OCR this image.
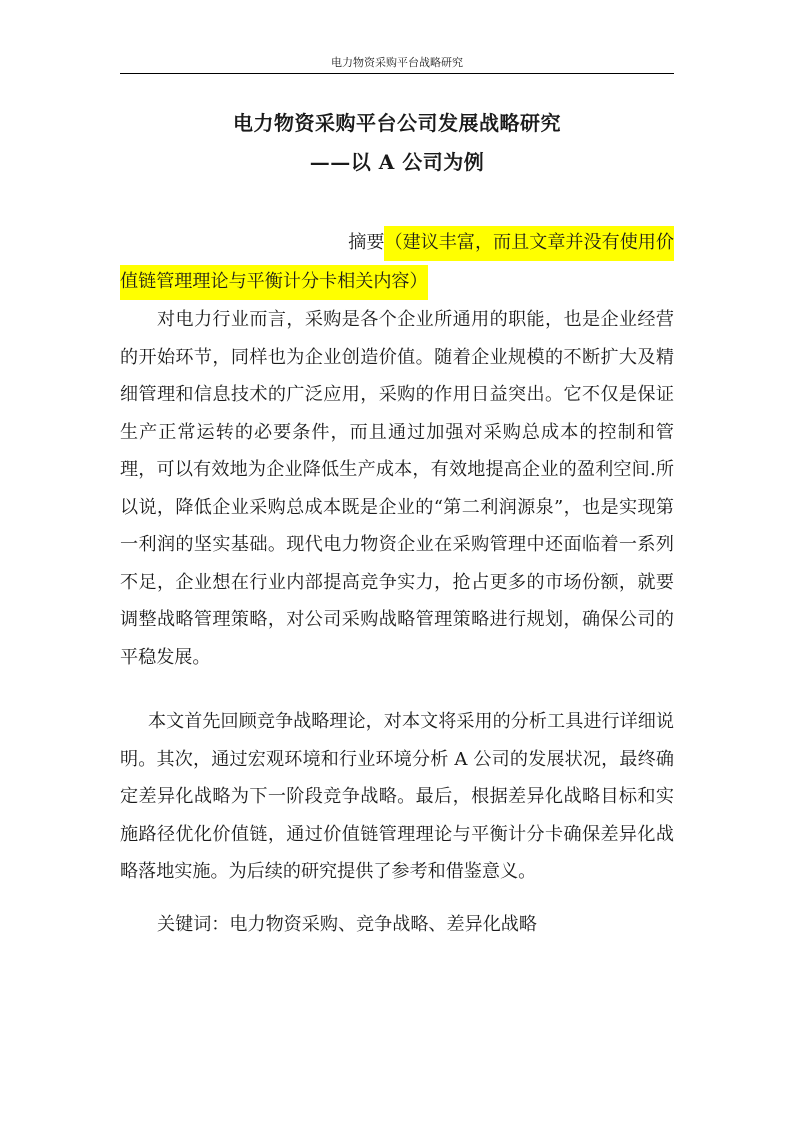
电力物资采购平台战略研究
电力物资采购平台公司发展战略研究
——以 A 公司为例
摘要（建议丰富，而且文章并没有使用价
值链管理理论与平衡计分卡相关内容）
对电力行业而言，采购是各个企业所通用的职能，也是企业经营的开始环节，同样也为企业创造价值。随着企业规模的不断扩大及精细管理和信息技术的广泛应用，采购的作用日益突出。它不仅是保证生产正常运转的必要条件，而且通过加强对采购总成本的控制和管理，可以有效地为企业降低生产成本，有效地提高企业的盈利空间.所以说，降低企业采购总成本既是企业的“第二利润源泉”，也是实现第一利润的坚实基础。现代电力物资企业在采购管理中还面临着一系列不足，企业想在行业内部提高竞争实力，抢占更多的市场份额，就要调整战略管理策略，对公司采购战略管理策略进行规划，确保公司的平稳发展。
本文首先回顾竞争战略理论，对本文将采用的分析工具进行详细说明。其次，通过宏观环境和行业环境分析 A 公司的发展状况，最终确定差异化战略为下一阶段竞争战略。最后，根据差异化战略目标和实施路径优化价值链，通过价值链管理理论与平衡计分卡确保差异化战略落地实施。为后续的研究提供了参考和借鉴意义。
关键词：电力物资采购、竞争战略、差异化战略
